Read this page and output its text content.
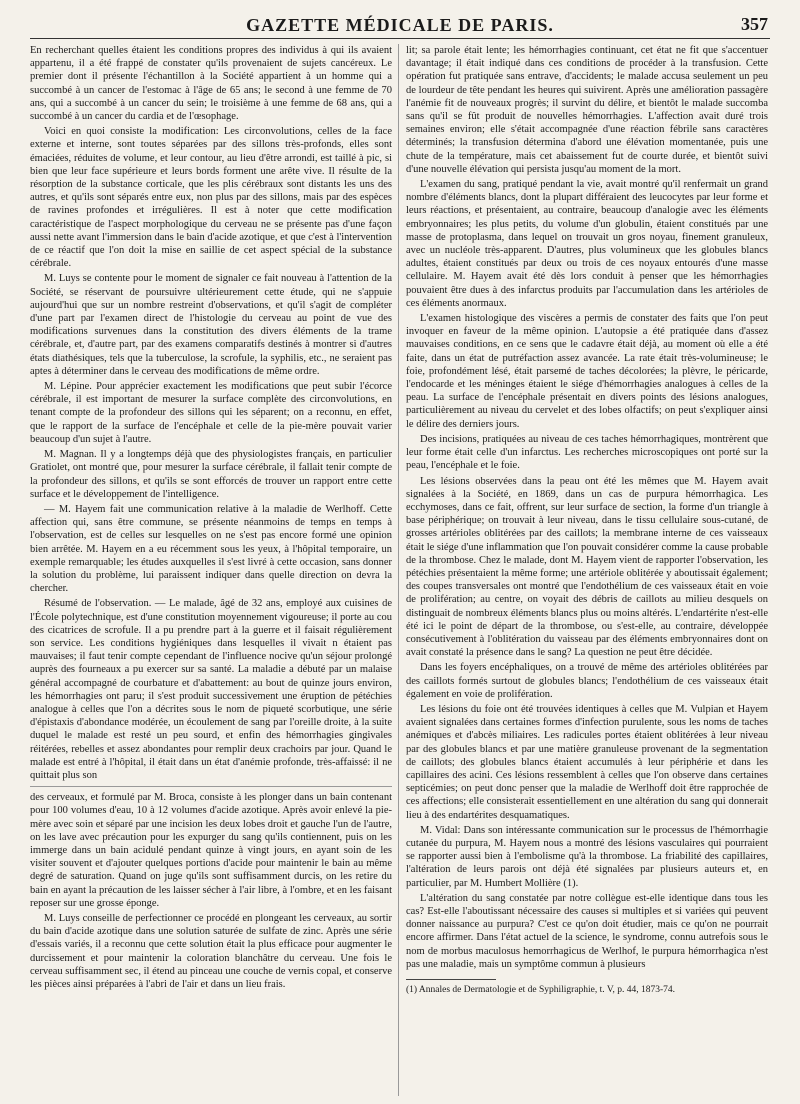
GAZETTE MÉDICALE DE PARIS.	357

En recherchant quelles étaient les conditions propres des individus à qui ils avaient appartenu, il a été frappé de constater qu'ils provenaient de sujets cancéreux. Le premier dont il présente l'échantillon à la Société appartient à un homme qui a succombé à un cancer de l'estomac à l'âge de 65 ans; le second à une femme de 70 ans, qui a succombé à un cancer du sein; le troisième à une femme de 68 ans, qui a succombé à un cancer du cardia et de l'œsophage.

Voici en quoi consiste la modification: Les circonvolutions, celles de la face externe et interne, sont toutes séparées par des sillons très-profonds, elles sont émaciées, réduites de volume, et leur contour, au lieu d'être arrondi, est taillé à pic, si bien que leur face supérieure et leurs bords forment une arête vive. Il résulte de la résorption de la substance corticale, que les plis cérébraux sont distants les uns des autres, et qu'ils sont séparés entre eux, non plus par des sillons, mais par des espèces de ravines profondes et irrégulières. Il est à noter que cette modification caractéristique de l'aspect morphologique du cerveau ne se présente pas d'une façon aussi nette avant l'immersion dans le bain d'acide azotique, et que c'est à l'intervention de ce réactif que l'on doit la mise en saillie de cet aspect spécial de la substance cérébrale.

M. Luys se contente pour le moment de signaler ce fait nouveau à l'attention de la Société, se réservant de poursuivre ultérieurement cette étude, qui ne s'appuie aujourd'hui que sur un nombre restreint d'observations, et qu'il s'agit de compléter d'une part par l'examen direct de l'histologie du cerveau au point de vue des modifications survenues dans la constitution des divers éléments de la trame cérébrale, et, d'autre part, par des examens comparatifs destinés à montrer si d'autres états diathésiques, tels que la tuberculose, la scrofule, la syphilis, etc., ne seraient pas aptes à déterminer dans le cerveau des modifications de même ordre.

M. Lépine. Pour apprécier exactement les modifications que peut subir l'écorce cérébrale, il est important de mesurer la surface complète des circonvolutions, en tenant compte de la profondeur des sillons qui les séparent; on a reconnu, en effet, que le rapport de la surface de l'encéphale et celle de la pie-mère pouvait varier beaucoup d'un sujet à l'autre.

M. Magnan. Il y a longtemps déjà que des physiologistes français, en particulier Gratiolet, ont montré que, pour mesurer la surface cérébrale, il fallait tenir compte de la profondeur des sillons, et qu'ils se sont efforcés de trouver un rapport entre cette surface et le développement de l'intelligence.

— M. Hayem fait une communication relative à la maladie de Werlhoff. Cette affection qui, sans être commune, se présente néanmoins de temps en temps à l'observation, est de celles sur lesquelles on ne s'est pas encore formé une opinion bien arrêtée. M. Hayem en a eu récemment sous les yeux, à l'hôpital temporaire, un exemple remarquable; les études auxquelles il s'est livré à cette occasion, sans donner la solution du problème, lui paraissent indiquer dans quelle direction on devra la chercher.

Résumé de l'observation. — Le malade, âgé de 32 ans, employé aux cuisines de l'École polytechnique, est d'une constitution moyennement vigoureuse; il porte au cou des cicatrices de scrofule. Il a pu prendre part à la guerre et il faisait régulièrement son service. Les conditions hygiéniques dans lesquelles il vivait n étaient pas mauvaises; il faut tenir compte cependant de l'influence nocive qu'un séjour prolongé auprès des fourneaux a pu exercer sur sa santé. La maladie a débuté par un malaise général accompagné de courbature et d'abattement: au bout de quinze jours environ, les hémorrhagies ont paru; il s'est produit successivement une éruption de pétéchies analogue à celles que l'on a décrites sous le nom de piqueté scorbutique, une série d'épistaxis d'abondance modérée, un écoulement de sang par l'oreille droite, à la suite duquel le malade est resté un peu sourd, et enfin des hémorrhagies gingivales réitérées, rebelles et assez abondantes pour remplir deux crachoirs par jour. Quand le malade est entré à l'hôpital, il était dans un état d'anémie profonde, très-affaissé: il ne quittait plus son

des cerveaux, et formulé par M. Broca, consiste à les plonger dans un bain contenant pour 100 volumes d'eau, 10 à 12 volumes d'acide azotique. Après avoir enlevé la pie-mère avec soin et séparé par une incision les deux lobes droit et gauche l'un de l'autre, on les lave avec précaution pour les expurger du sang qu'ils contiennent, puis on les immerge dans un bain acidulé pendant quinze à vingt jours, en ayant soin de les visiter souvent et d'ajouter quelques portions d'acide pour maintenir le bain au même degré de saturation. Quand on juge qu'ils sont suffisamment durcis, on les retire du bain en ayant la précaution de les laisser sécher à l'air libre, à l'ombre, et en les faisant reposer sur une grosse éponge.

M. Luys conseille de perfectionner ce procédé en plongeant les cerveaux, au sortir du bain d'acide azotique dans une solution saturée de sulfate de zinc. Après une série d'essais variés, il a reconnu que cette solution était la plus efficace pour augmenter le durcissement et pour maintenir la coloration blanchâtre du cerveau. Une fois le cerveau suffisamment sec, il étend au pinceau une couche de vernis copal, et conserve les pièces ainsi préparées à l'abri de l'air et dans un lieu frais.

lit; sa parole était lente; les hémorrhagies continuant, cet état ne fit que s'accentuer davantage; il était indiqué dans ces conditions de procéder à la transfusion. Cette opération fut pratiquée sans entrave, d'accidents; le malade accusa seulement un peu de lourdeur de tête pendant les heures qui suivirent. Après une amélioration passagère l'anémie fit de nouveaux progrès; il survint du délire, et bientôt le malade succomba sans qu'il se fût produit de nouvelles hémorrhagies. L'affection avait duré trois semaines environ; elle s'était accompagnée d'une réaction fébrile sans caractères déterminés; la transfusion détermina d'abord une élévation momentanée, puis une chute de la température, mais cet abaissement fut de courte durée, et bientôt suivi d'une nouvelle élévation qui persista jusqu'au moment de la mort.

L'examen du sang, pratiqué pendant la vie, avait montré qu'il renfermait un grand nombre d'éléments blancs, dont la plupart différaient des leucocytes par leur forme et leurs réactions, et présentaient, au contraire, beaucoup d'analogie avec les éléments embryonnaires; les plus petits, du volume d'un globulin, étaient constitués par une masse de protoplasma, dans lequel on trouvait un gros noyau, finement granuleux, avec un nucléole très-apparent. D'autres, plus volumineux que les globules blancs adultes, étaient constitués par deux ou trois de ces noyaux entourés d'une masse cellulaire. M. Hayem avait été dès lors conduit à penser que les hémorrhagies pouvaient être dues à des infarctus produits par l'accumulation dans les artérioles de ces éléments anormaux.

L'examen histologique des viscères a permis de constater des faits que l'on peut invoquer en faveur de la même opinion. L'autopsie a été pratiquée dans d'assez mauvaises conditions, en ce sens que le cadavre était déjà, au moment où elle a été faite, dans un état de putréfaction assez avancée. La rate était très-volumineuse; le foie, profondément lésé, était parsemé de taches décolorées; la plèvre, le péricarde, l'endocarde et les méninges étaient le siége d'hémorrhagies analogues à celles de la peau. La surface de l'encéphale présentait en divers points des lésions analogues, particulièrement au niveau du cervelet et des lobes olfactifs; on peut s'expliquer ainsi le délire des derniers jours.

Des incisions, pratiquées au niveau de ces taches hémorrhagiques, montrèrent que leur forme était celle d'un infarctus. Les recherches microscopiques ont porté sur la peau, l'encéphale et le foie.

Les lésions observées dans la peau ont été les mêmes que M. Hayem avait signalées à la Société, en 1869, dans un cas de purpura hémorrhagica. Les ecchymoses, dans ce fait, offrent, sur leur surface de section, la forme d'un triangle à base périphérique; on trouvait à leur niveau, dans le tissu cellulaire sous-cutané, de grosses artérioles oblitérées par des caillots; la membrane interne de ces vaisseaux était le siége d'une inflammation que l'on pouvait considérer comme la cause probable de la thrombose. Chez le malade, dont M. Hayem vient de rapporter l'observation, les pétéchies présentaient la même forme; une artériole oblitérée y aboutissait également; des coupes transversales ont montré que l'endothélium de ces vaisseaux était en voie de prolifération; au centre, on voyait des débris de caillots au milieu desquels on distinguait de nombreux éléments blancs plus ou moins altérés. L'endartérite n'est-elle été ici le point de départ de la thrombose, ou s'est-elle, au contraire, développée consécutivement à l'oblitération du vaisseau par des éléments embryonnaires dont on avait constaté la présence dans le sang? La question ne peut être décidée.

Dans les foyers encéphaliques, on a trouvé de même des artérioles oblitérées par des caillots formés surtout de globules blancs; l'endothélium de ces vaisseaux était également en voie de prolifération.

Les lésions du foie ont été trouvées identiques à celles que M. Vulpian et Hayem avaient signalées dans certaines formes d'infection purulente, sous les noms de taches anémiques et d'abcès miliaires. Les radicules portes étaient oblitérées à leur niveau par des globules blancs et par une matière granuleuse provenant de la segmentation de caillots; des globules blancs étaient accumulés à leur périphérie et dans les capillaires des acini. Ces lésions ressemblent à celles que l'on observe dans certaines septicémies; on peut donc penser que la maladie de Werlhoff doit être rapprochée de ces affections; elle consisterait essentiellement en une altération du sang qui donnerait lieu à des endartérites desquamatiques.

M. Vidal: Dans son intéressante communication sur le processus de l'hémorrhagie cutanée du purpura, M. Hayem nous a montré des lésions vasculaires qui pourraient se rapporter aussi bien à l'embolisme qu'à la thrombose. La friabilité des capillaires, l'altération de leurs parois ont déjà été signalées par plusieurs auteurs et, en particulier, par M. Humbert Mollière (1).

L'altération du sang constatée par notre collègue est-elle identique dans tous les cas? Est-elle l'aboutissant nécessaire des causes si multiples et si variées qui peuvent donner naissance au purpura? C'est ce qu'on doit étudier, mais ce qu'on ne pourrait encore affirmer. Dans l'état actuel de la science, le syndrome, connu autrefois sous le nom de morbus maculosus hemorrhagicus de Werlhof, le purpura hémorrhagica n'est pas une maladie, mais un symptôme commun à plusieurs

(1) Annales de Dermatologie et de Syphiligraphie, t. V, p. 44, 1873-74.
